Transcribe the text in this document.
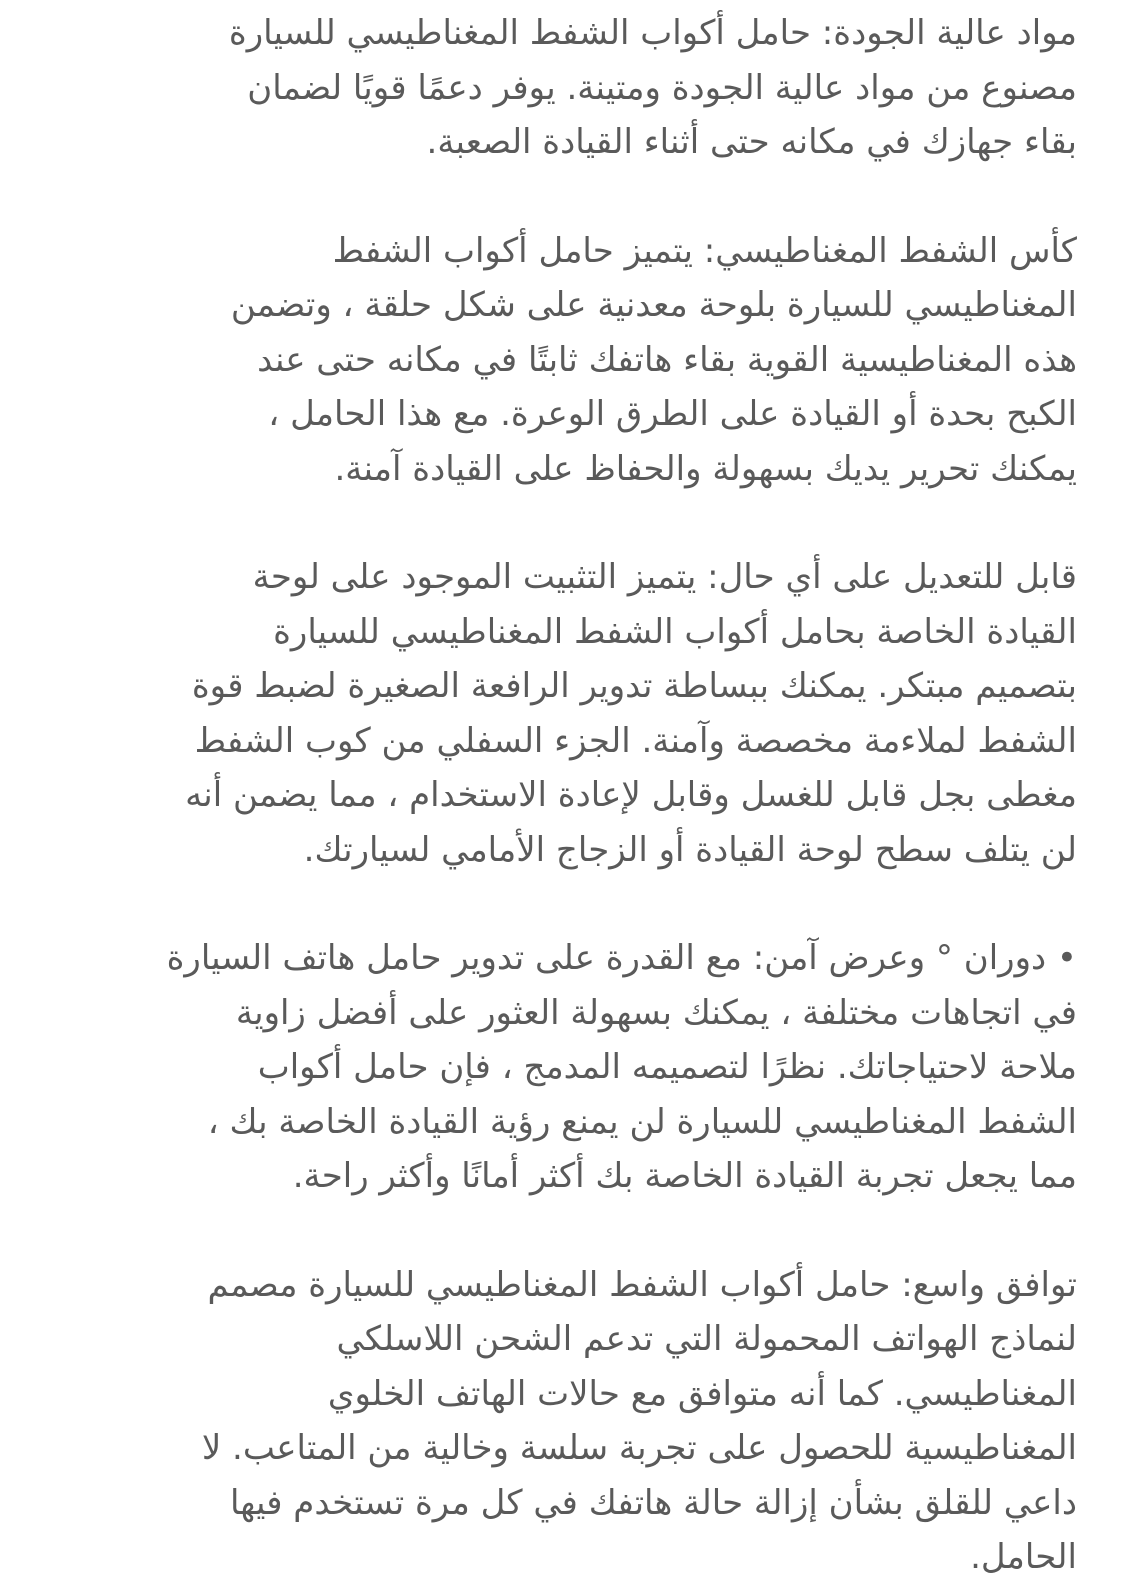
مواد عالية الجودة: حامل أكواب الشفط المغناطيسي للسيارة
مصنوع من مواد عالية الجودة ومتينة. يوفر دعمًا قويًا لضمان
بقاء جهازك في مكانه حتى أثناء القيادة الصعبة.

كأس الشفط المغناطيسي: يتميز حامل أكواب الشفط
المغناطيسي للسيارة بلوحة معدنية على شكل حلقة ، وتضمن
هذه المغناطيسية القوية بقاء هاتفك ثابتًا في مكانه حتى عند
الكبح بحدة أو القيادة على الطرق الوعرة. مع هذا الحامل ،
يمكنك تحرير يديك بسهولة والحفاظ على القيادة آمنة.

قابل للتعديل على أي حال: يتميز التثبيت الموجود على لوحة
القيادة الخاصة بحامل أكواب الشفط المغناطيسي للسيارة
بتصميم مبتكر. يمكنك ببساطة تدوير الرافعة الصغيرة لضبط قوة
الشفط لملاءمة مخصصة وآمنة. الجزء السفلي من كوب الشفط
مغطى بجل قابل للغسل وقابل لإعادة الاستخدام ، مما يضمن أنه
لن يتلف سطح لوحة القيادة أو الزجاج الأمامي لسيارتك.

• دوران ° وعرض آمن: مع القدرة على تدوير حامل هاتف السيارة
في اتجاهات مختلفة ، يمكنك بسهولة العثور على أفضل زاوية
ملاحة لاحتياجاتك. نظرًا لتصميمه المدمج ، فإن حامل أكواب
الشفط المغناطيسي للسيارة لن يمنع رؤية القيادة الخاصة بك ،
مما يجعل تجربة القيادة الخاصة بك أكثر أمانًا وأكثر راحة.

توافق واسع: حامل أكواب الشفط المغناطيسي للسيارة مصمم
لنماذج الهواتف المحمولة التي تدعم الشحن اللاسلكي
المغناطيسي. كما أنه متوافق مع حالات الهاتف الخلوي
المغناطيسية للحصول على تجربة سلسة وخالية من المتاعب. لا
داعي للقلق بشأن إزالة حالة هاتفك في كل مرة تستخدم فيها
الحامل.
